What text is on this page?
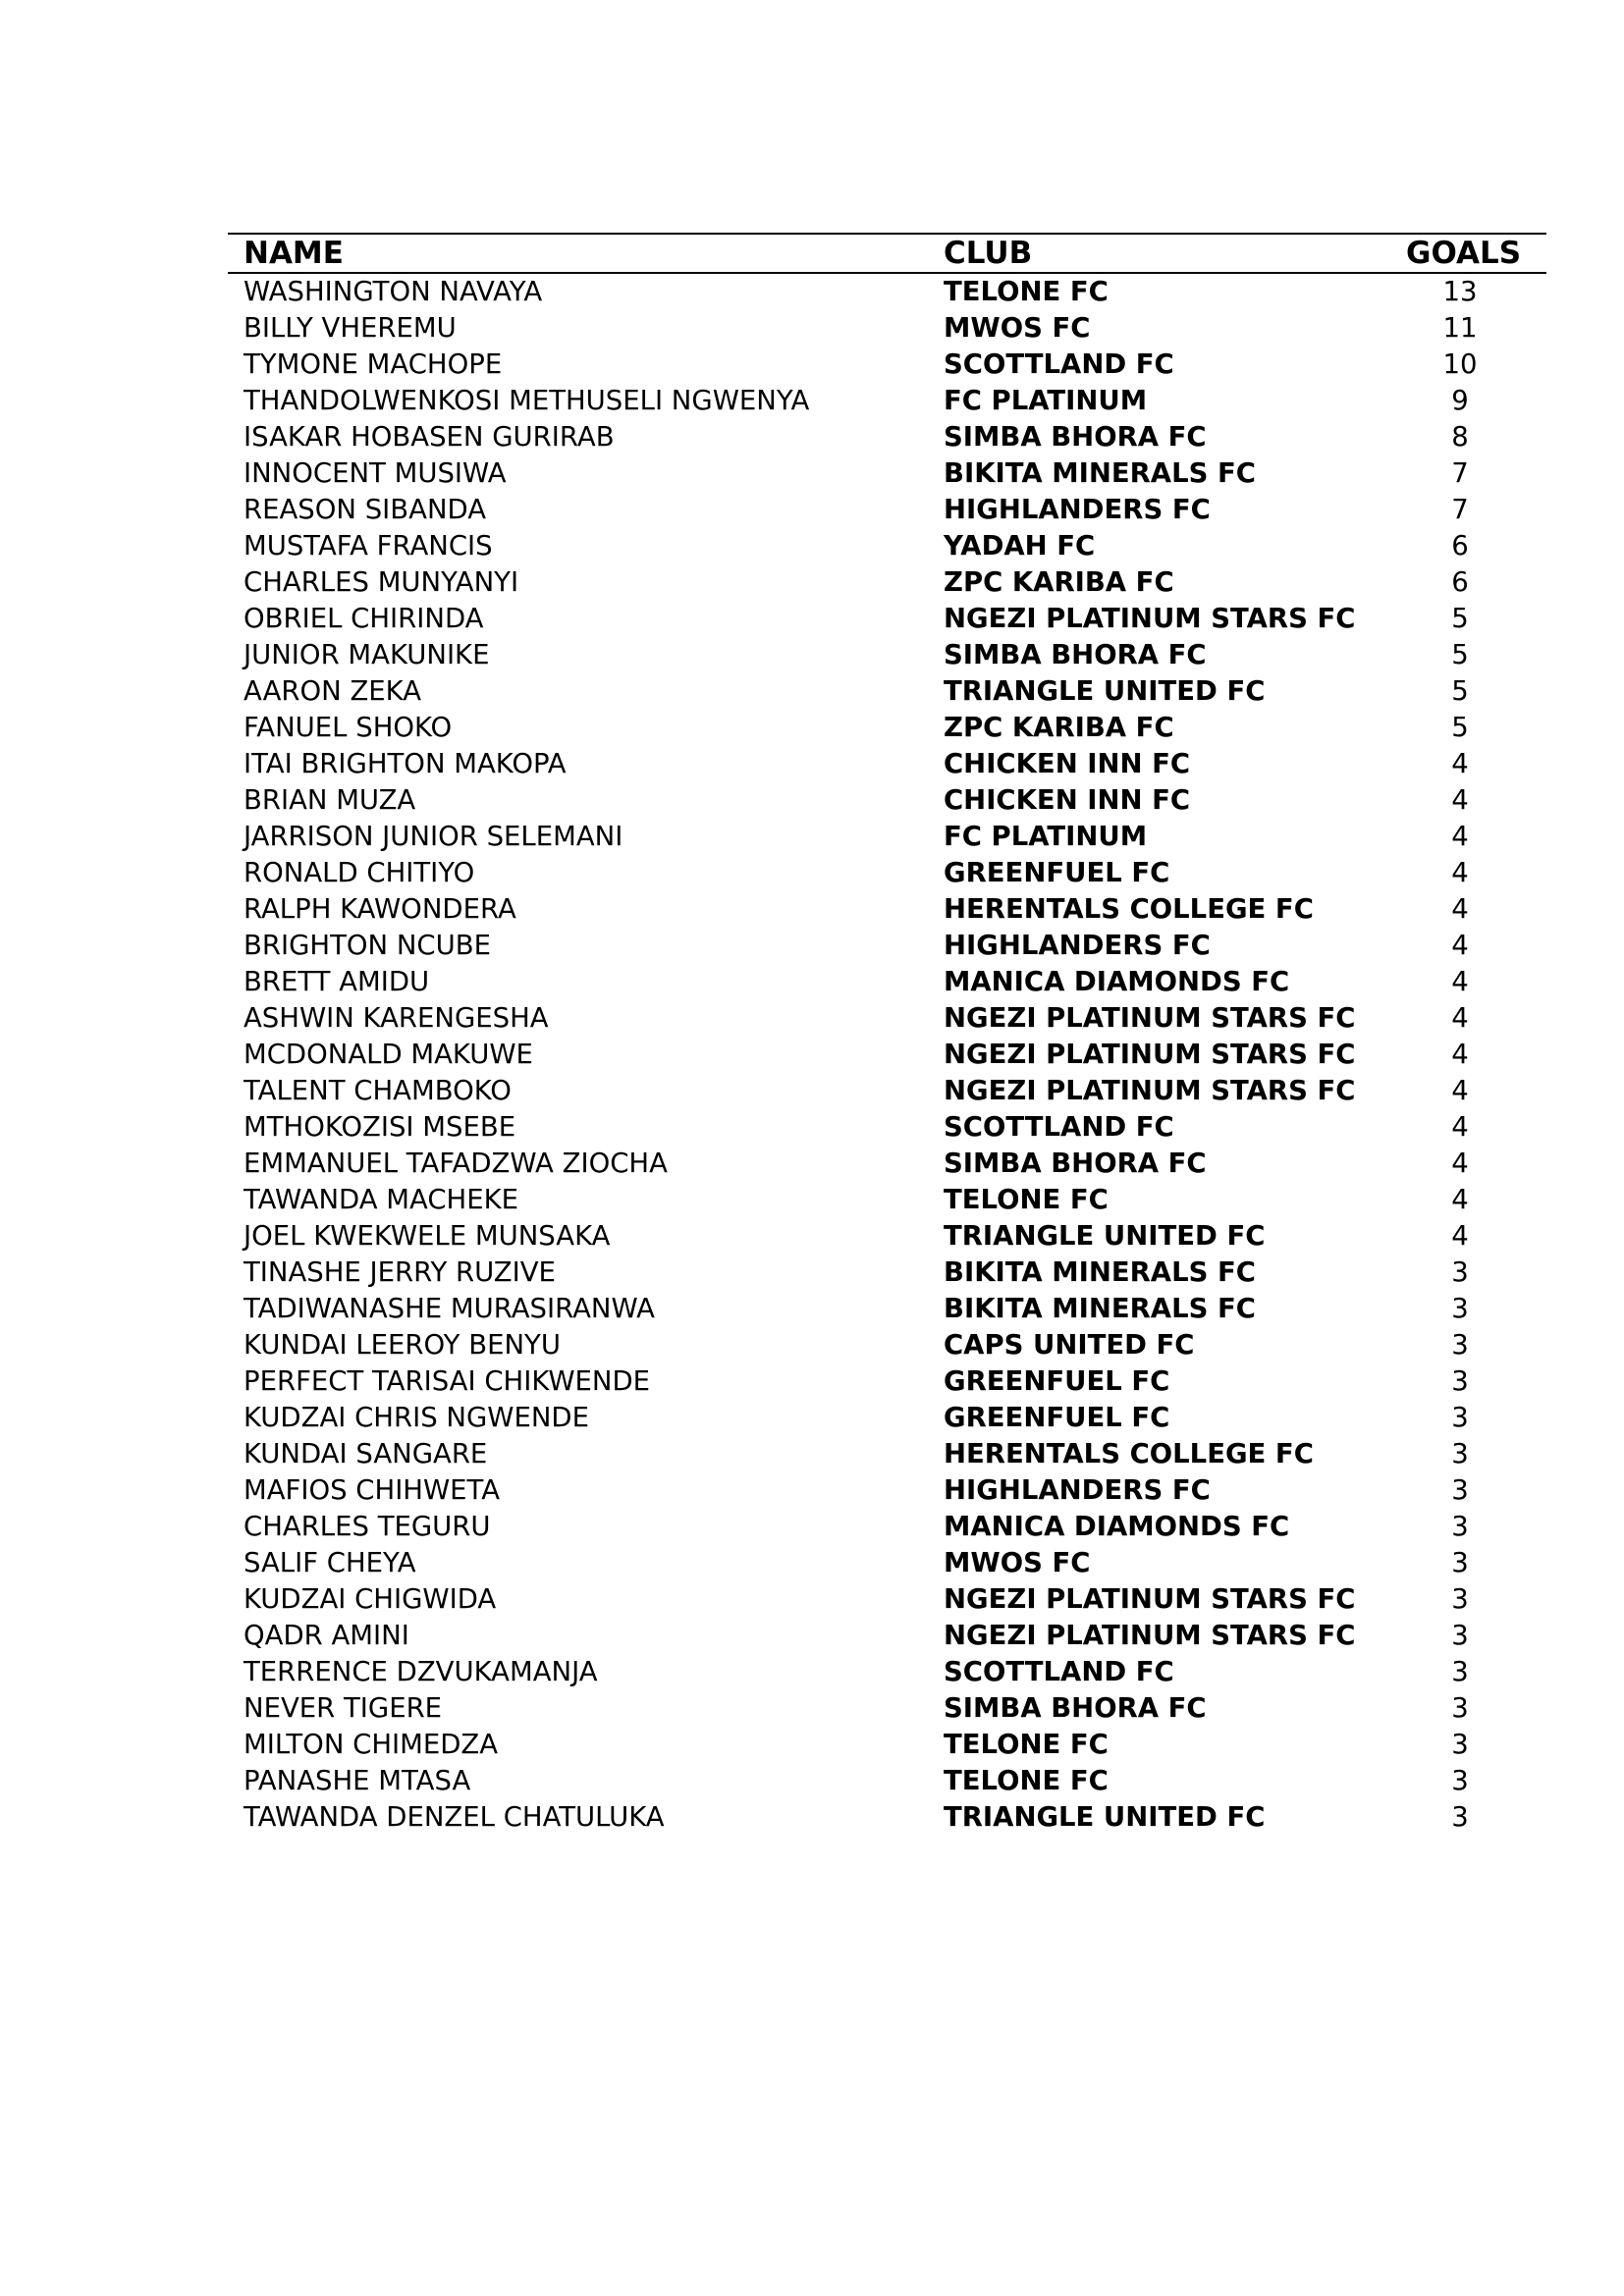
NAME	CLUB	GOALS
WASHINGTON NAVAYA	TELONE FC	13
BILLY VHEREMU	MWOS FC	11
TYMONE MACHOPE	SCOTTLAND FC	10
THANDOLWENKOSI METHUSELI NGWENYA	FC PLATINUM	9
ISAKAR HOBASEN GURIRAB	SIMBA BHORA FC	8
INNOCENT MUSIWA	BIKITA MINERALS FC	7
REASON SIBANDA	HIGHLANDERS FC	7
MUSTAFA FRANCIS	YADAH FC	6
CHARLES MUNYANYI	ZPC KARIBA FC	6
OBRIEL CHIRINDA	NGEZI PLATINUM STARS FC	5
JUNIOR MAKUNIKE	SIMBA BHORA FC	5
AARON ZEKA	TRIANGLE UNITED FC	5
FANUEL SHOKO	ZPC KARIBA FC	5
ITAI BRIGHTON MAKOPA	CHICKEN INN FC	4
BRIAN MUZA	CHICKEN INN FC	4
JARRISON JUNIOR SELEMANI	FC PLATINUM	4
RONALD CHITIYO	GREENFUEL FC	4
RALPH KAWONDERA	HERENTALS COLLEGE FC	4
BRIGHTON NCUBE	HIGHLANDERS FC	4
BRETT AMIDU	MANICA DIAMONDS FC	4
ASHWIN KARENGESHA	NGEZI PLATINUM STARS FC	4
MCDONALD MAKUWE	NGEZI PLATINUM STARS FC	4
TALENT CHAMBOKO	NGEZI PLATINUM STARS FC	4
MTHOKOZISI MSEBE	SCOTTLAND FC	4
EMMANUEL TAFADZWA ZIOCHA	SIMBA BHORA FC	4
TAWANDA MACHEKE	TELONE FC	4
JOEL KWEKWELE MUNSAKA	TRIANGLE UNITED FC	4
TINASHE JERRY RUZIVE	BIKITA MINERALS FC	3
TADIWANASHE MURASIRANWA	BIKITA MINERALS FC	3
KUNDAI LEEROY BENYU	CAPS UNITED FC	3
PERFECT TARISAI CHIKWENDE	GREENFUEL FC	3
KUDZAI CHRIS NGWENDE	GREENFUEL FC	3
KUNDAI SANGARE	HERENTALS COLLEGE FC	3
MAFIOS CHIHWETA	HIGHLANDERS FC	3
CHARLES TEGURU	MANICA DIAMONDS FC	3
SALIF CHEYA	MWOS FC	3
KUDZAI CHIGWIDA	NGEZI PLATINUM STARS FC	3
QADR AMINI	NGEZI PLATINUM STARS FC	3
TERRENCE DZVUKAMANJA	SCOTTLAND FC	3
NEVER TIGERE	SIMBA BHORA FC	3
MILTON CHIMEDZA	TELONE FC	3
PANASHE MTASA	TELONE FC	3
TAWANDA DENZEL CHATULUKA	TRIANGLE UNITED FC	3
